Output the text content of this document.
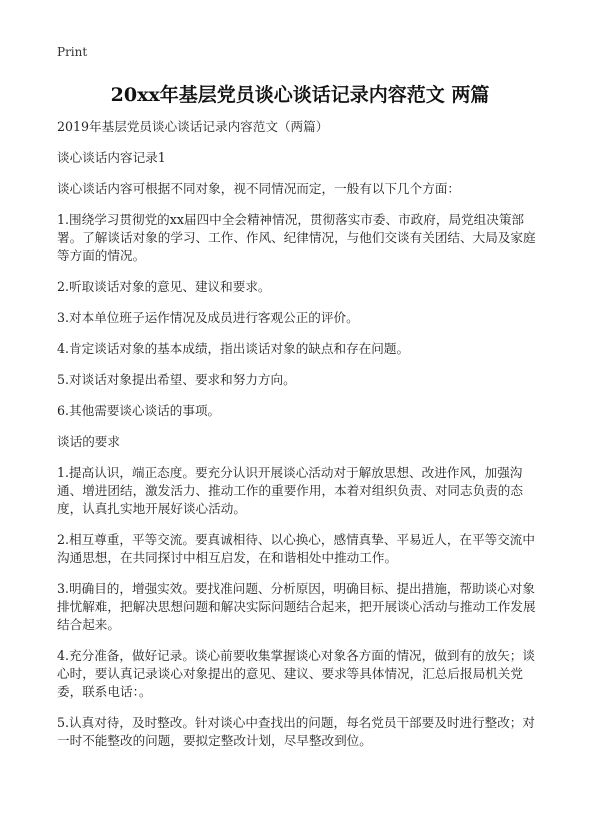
Print
20xx年基层党员谈心谈话记录内容范文 两篇

2019年基层党员谈心谈话记录内容范文（两篇）

谈心谈话内容记录1

谈心谈话内容可根据不同对象，视不同情况而定，一般有以下几个方面：

1.围绕学习贯彻党的xx届四中全会精神情况，贯彻落实市委、市政府，局党组决策部署。了解谈话对象的学习、工作、作风、纪律情况，与他们交谈有关团结、大局及家庭等方面的情况。

2.听取谈话对象的意见、建议和要求。

3.对本单位班子运作情况及成员进行客观公正的评价。

4.肯定谈话对象的基本成绩，指出谈话对象的缺点和存在问题。

5.对谈话对象提出希望、要求和努力方向。

6.其他需要谈心谈话的事项。

谈话的要求

1.提高认识，端正态度。要充分认识开展谈心活动对于解放思想、改进作风，加强沟通、增进团结，激发活力、推动工作的重要作用，本着对组织负责、对同志负责的态度，认真扎实地开展好谈心活动。

2.相互尊重，平等交流。要真诚相待、以心换心，感情真挚、平易近人，在平等交流中沟通思想，在共同探讨中相互启发，在和谐相处中推动工作。

3.明确目的，增强实效。要找准问题、分析原因，明确目标、提出措施，帮助谈心对象排忧解难，把解决思想问题和解决实际问题结合起来，把开展谈心活动与推动工作发展结合起来。

4.充分准备，做好记录。谈心前要收集掌握谈心对象各方面的情况，做到有的放矢；谈心时，要认真记录谈心对象提出的意见、建议、要求等具体情况，汇总后报局机关党委，联系电话：。

5.认真对待，及时整改。针对谈心中查找出的问题，每名党员干部要及时进行整改；对一时不能整改的问题，要拟定整改计划，尽早整改到位。
